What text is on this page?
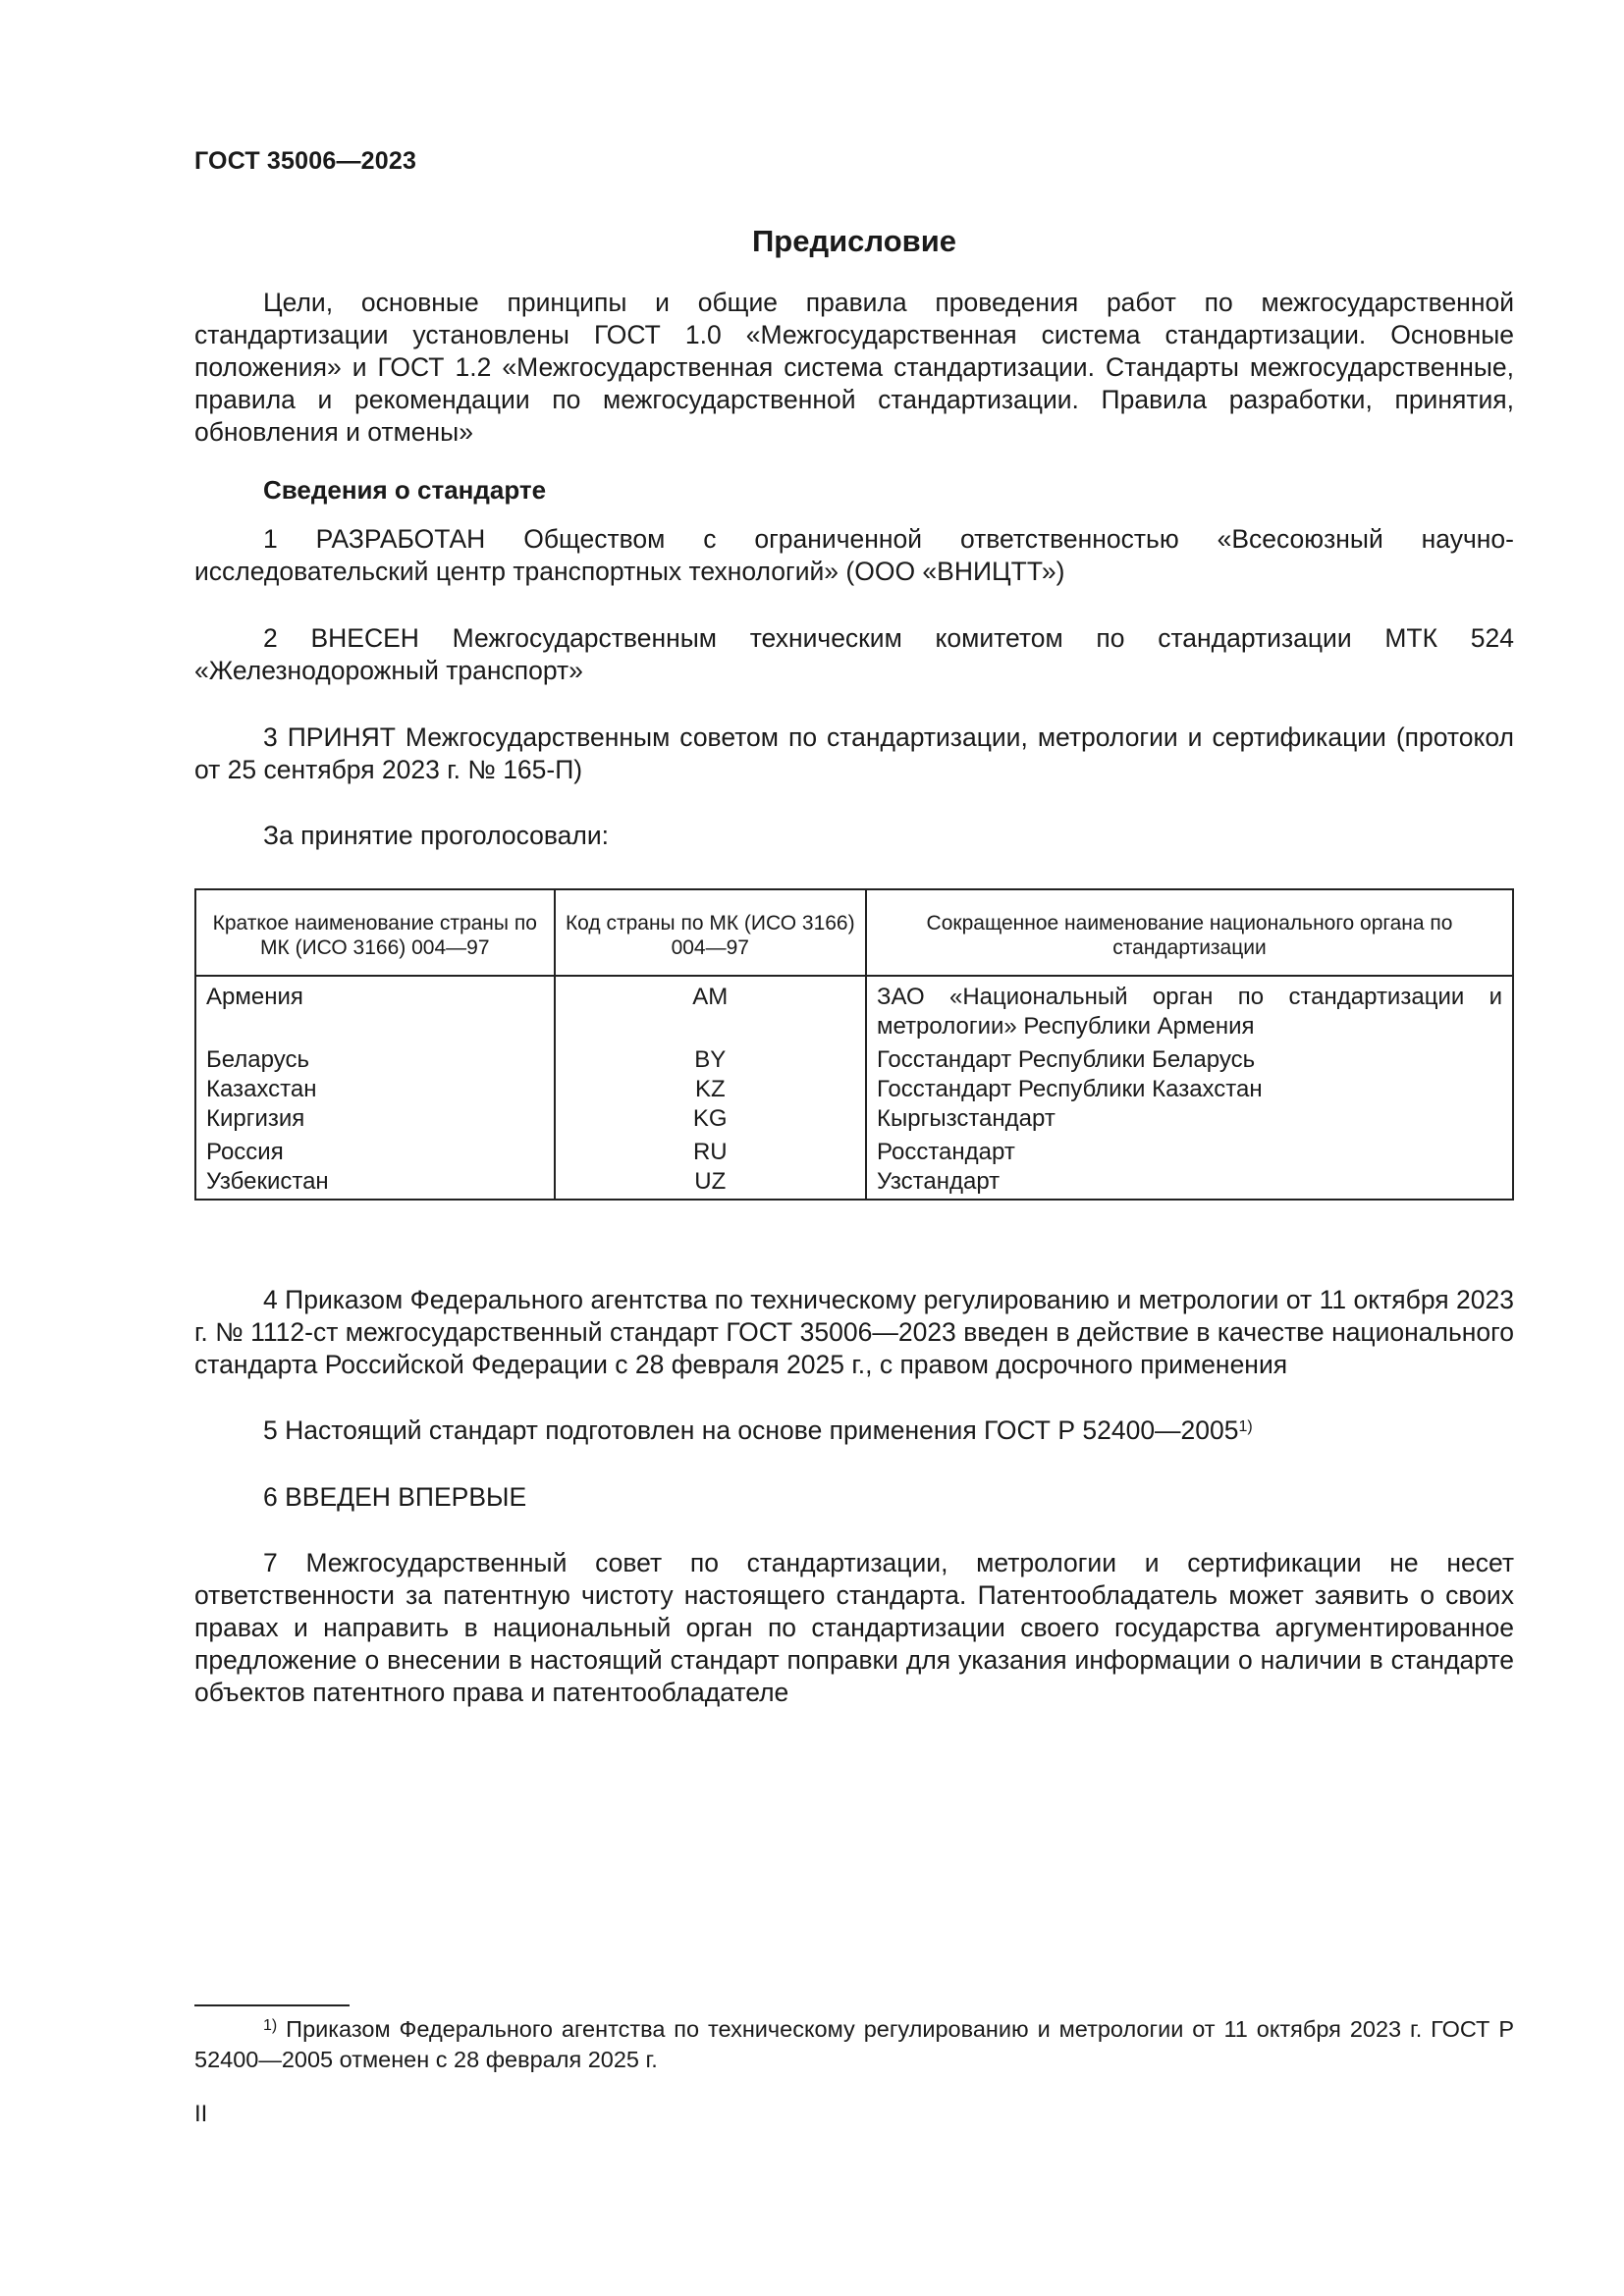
ГОСТ 35006—2023
Предисловие
Цели, основные принципы и общие правила проведения работ по межгосударственной стандартизации установлены ГОСТ 1.0 «Межгосударственная система стандартизации. Основные положения» и ГОСТ 1.2 «Межгосударственная система стандартизации. Стандарты межгосударственные, правила и рекомендации по межгосударственной стандартизации. Правила разработки, принятия, обновления и отмены»
Сведения о стандарте
1 РАЗРАБОТАН Обществом с ограниченной ответственностью «Всесоюзный научно-исследовательский центр транспортных технологий» (ООО «ВНИЦТТ»)
2 ВНЕСЕН Межгосударственным техническим комитетом по стандартизации МТК 524 «Железнодорожный транспорт»
3 ПРИНЯТ Межгосударственным советом по стандартизации, метрологии и сертификации (протокол от 25 сентября 2023 г. № 165-П)
За принятие проголосовали:
Краткое наименование страны по МК (ИСО 3166) 004—97	Код страны по МК (ИСО 3166) 004—97	Сокращенное наименование национального органа по стандартизации
Армения	AM	ЗАО «Национальный орган по стандартизации и метрологии» Республики Армения
Беларусь	BY	Госстандарт Республики Беларусь
Казахстан	KZ	Госстандарт Республики Казахстан
Киргизия	KG	Кыргызстандарт
Россия	RU	Росстандарт
Узбекистан	UZ	Узстандарт
4 Приказом Федерального агентства по техническому регулированию и метрологии от 11 октября 2023 г. № 1112-ст межгосударственный стандарт ГОСТ 35006—2023 введен в действие в качестве национального стандарта Российской Федерации с 28 февраля 2025 г., с правом досрочного применения
5 Настоящий стандарт подготовлен на основе применения ГОСТ Р 52400—2005$^{1)}$
6 ВВЕДЕН ВПЕРВЫЕ
7 Межгосударственный совет по стандартизации, метрологии и сертификации не несет ответственности за патентную чистоту настоящего стандарта. Патентообладатель может заявить о своих правах и направить в национальный орган по стандартизации своего государства аргументированное предложение о внесении в настоящий стандарт поправки для указания информации о наличии в стандарте объектов патентного права и патентообладателе
$^{1)}$ Приказом Федерального агентства по техническому регулированию и метрологии от 11 октября 2023 г. ГОСТ Р 52400—2005 отменен с 28 февраля 2025 г.
II
